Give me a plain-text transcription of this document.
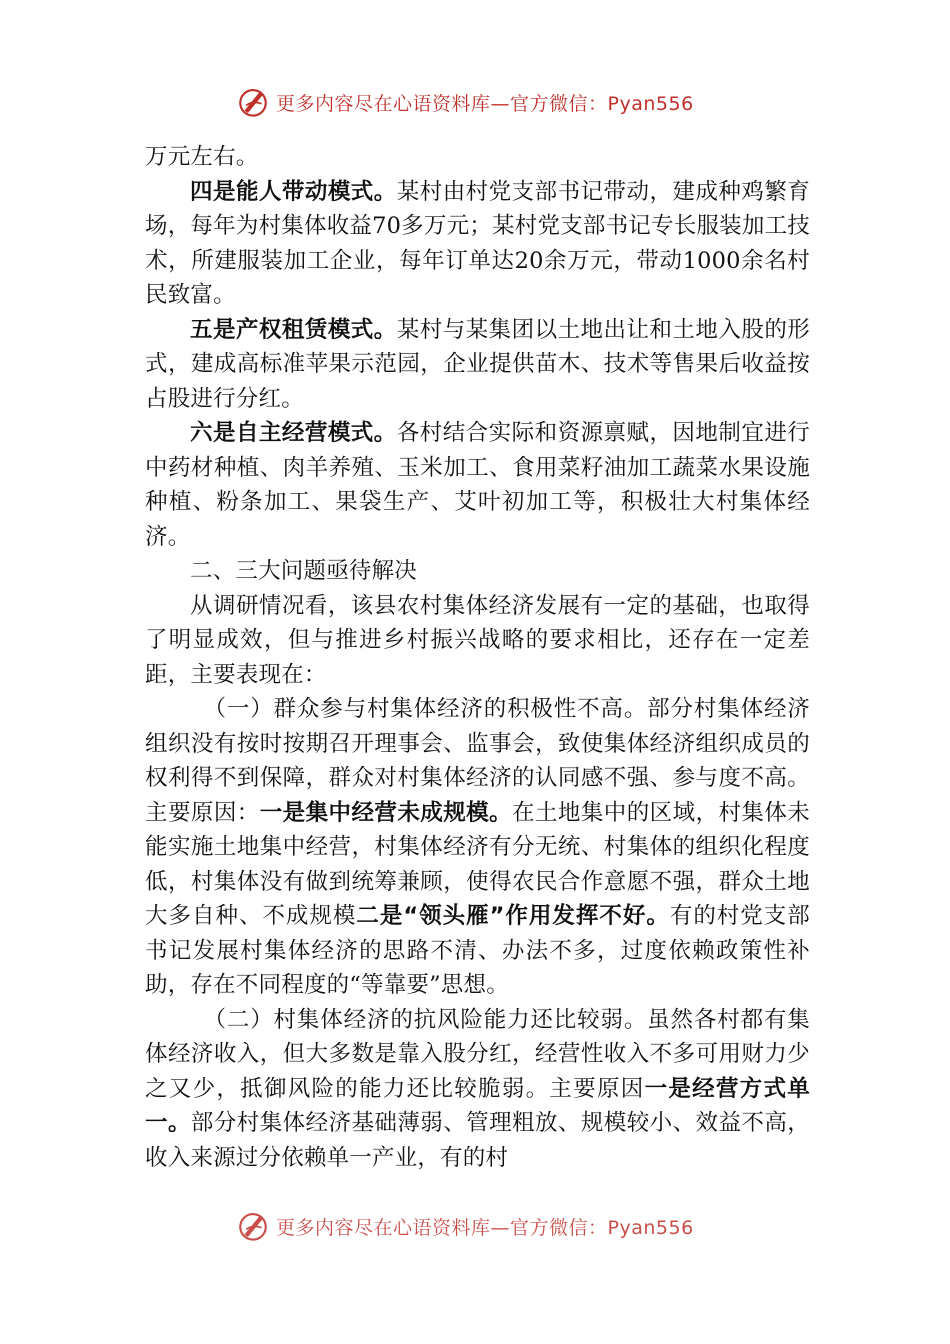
更多内容尽在心语资料库—官方微信：Pyan556

万元左右。

四是能人带动模式。某村由村党支部书记带动，建成种鸡繁育场，每年为村集体收益70多万元；某村党支部书记专长服装加工技术，所建服装加工企业，每年订单达20余万元，带动1000余名村民致富。

五是产权租赁模式。某村与某集团以土地出让和土地入股的形式，建成高标准苹果示范园，企业提供苗木、技术等售果后收益按占股进行分红。

六是自主经营模式。各村结合实际和资源禀赋，因地制宜进行中药材种植、肉羊养殖、玉米加工、食用菜籽油加工蔬菜水果设施种植、粉条加工、果袋生产、艾叶初加工等，积极壮大村集体经济。

二、三大问题亟待解决

从调研情况看，该县农村集体经济发展有一定的基础，也取得了明显成效，但与推进乡村振兴战略的要求相比，还存在一定差距，主要表现在：

（一）群众参与村集体经济的积极性不高。部分村集体经济组织没有按时按期召开理事会、监事会，致使集体经济组织成员的权利得不到保障，群众对村集体经济的认同感不强、参与度不高。主要原因：一是集中经营未成规模。在土地集中的区域，村集体未能实施土地集中经营，村集体经济有分无统、村集体的组织化程度低，村集体没有做到统筹兼顾，使得农民合作意愿不强，群众土地大多自种、不成规模二是“领头雁”作用发挥不好。有的村党支部书记发展村集体经济的思路不清、办法不多，过度依赖政策性补助，存在不同程度的“等靠要”思想。

（二）村集体经济的抗风险能力还比较弱。虽然各村都有集体经济收入，但大多数是靠入股分红，经营性收入不多可用财力少之又少，抵御风险的能力还比较脆弱。主要原因一是经营方式单一。部分村集体经济基础薄弱、管理粗放、规模较小、效益不高，收入来源过分依赖单一产业，有的村

更多内容尽在心语资料库—官方微信：Pyan556
